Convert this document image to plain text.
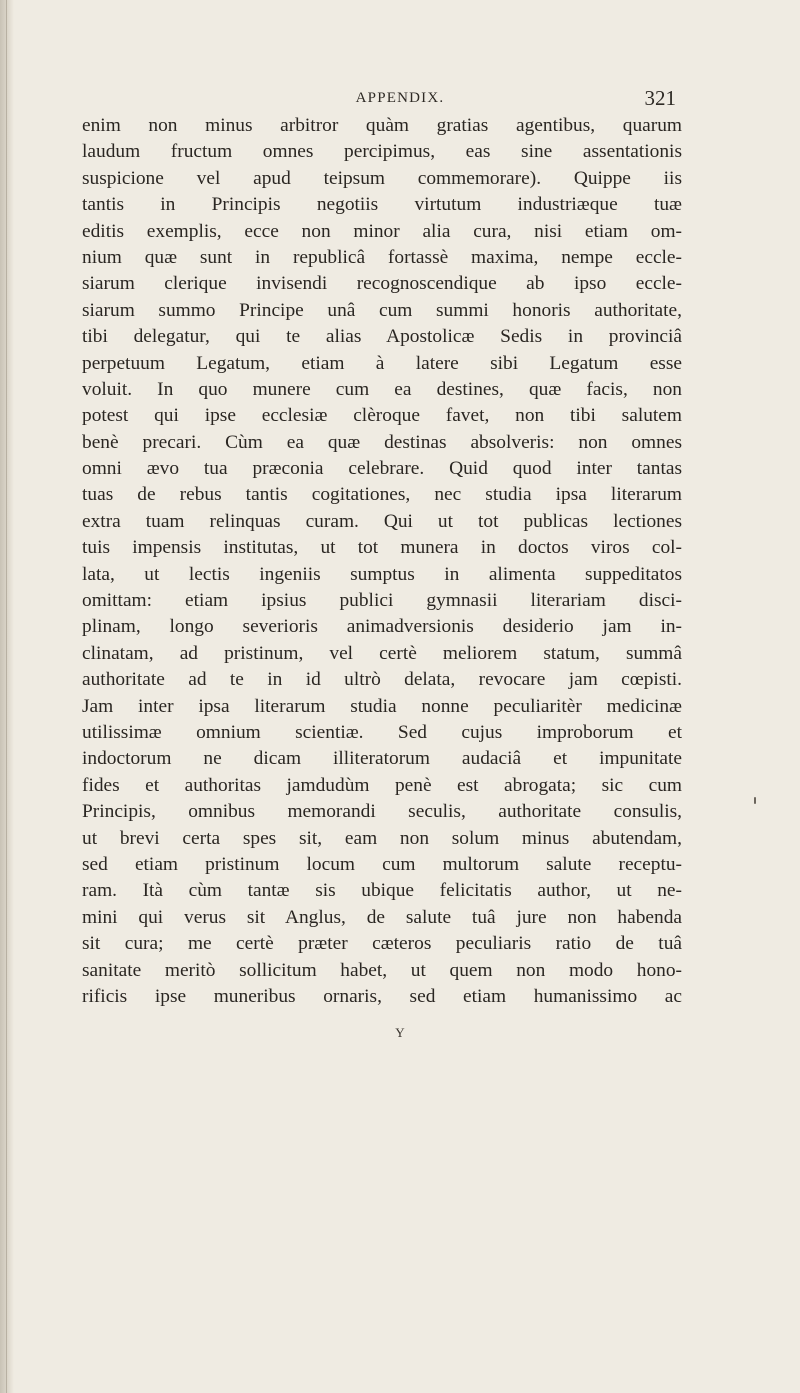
APPENDIX.	321
enim non minus arbitror quàm gratias agentibus, quarum
laudum fructum omnes percipimus, eas sine assentationis
suspicione vel apud teipsum commemorare). Quippe iis
tantis in Principis negotiis virtutum industriæque tuæ
editis exemplis, ecce non minor alia cura, nisi etiam om-
nium quæ sunt in republicâ fortassè maxima, nempe eccle-
siarum clerique invisendi recognoscendique ab ipso eccle-
siarum summo Principe unâ cum summi honoris authoritate,
tibi delegatur, qui te alias Apostolicæ Sedis in provinciâ
perpetuum Legatum, etiam à latere sibi Legatum esse
voluit. In quo munere cum ea destines, quæ facis, non
potest qui ipse ecclesiæ clèroque favet, non tibi salutem
benè precari. Cùm ea quæ destinas absolveris: non omnes
omni ævo tua præconia celebrare. Quid quod inter tantas
tuas de rebus tantis cogitationes, nec studia ipsa literarum
extra tuam relinquas curam. Qui ut tot publicas lectiones
tuis impensis institutas, ut tot munera in doctos viros col-
lata, ut lectis ingeniis sumptus in alimenta suppeditatos
omittam: etiam ipsius publici gymnasii literariam disci-
plinam, longo severioris animadversionis desiderio jam in-
clinatam, ad pristinum, vel certè meliorem statum, summâ
authoritate ad te in id ultrò delata, revocare jam cœpisti.
Jam inter ipsa literarum studia nonne peculiaritèr medicinæ
utilissimæ omnium scientiæ. Sed cujus improborum et
indoctorum ne dicam illiteratorum audaciâ et impunitate
fides et authoritas jamdudùm penè est abrogata; sic cum
Principis, omnibus memorandi seculis, authoritate consulis,
ut brevi certa spes sit, eam non solum minus abutendam,
sed etiam pristinum locum cum multorum salute receptu-
ram. Ità cùm tantæ sis ubique felicitatis author, ut ne-
mini qui verus sit Anglus, de salute tuâ jure non habenda
sit cura; me certè præter cæteros peculiaris ratio de tuâ
sanitate meritò sollicitum habet, ut quem non modo hono-
rificis ipse muneribus ornaris, sed etiam humanissimo ac
Y
